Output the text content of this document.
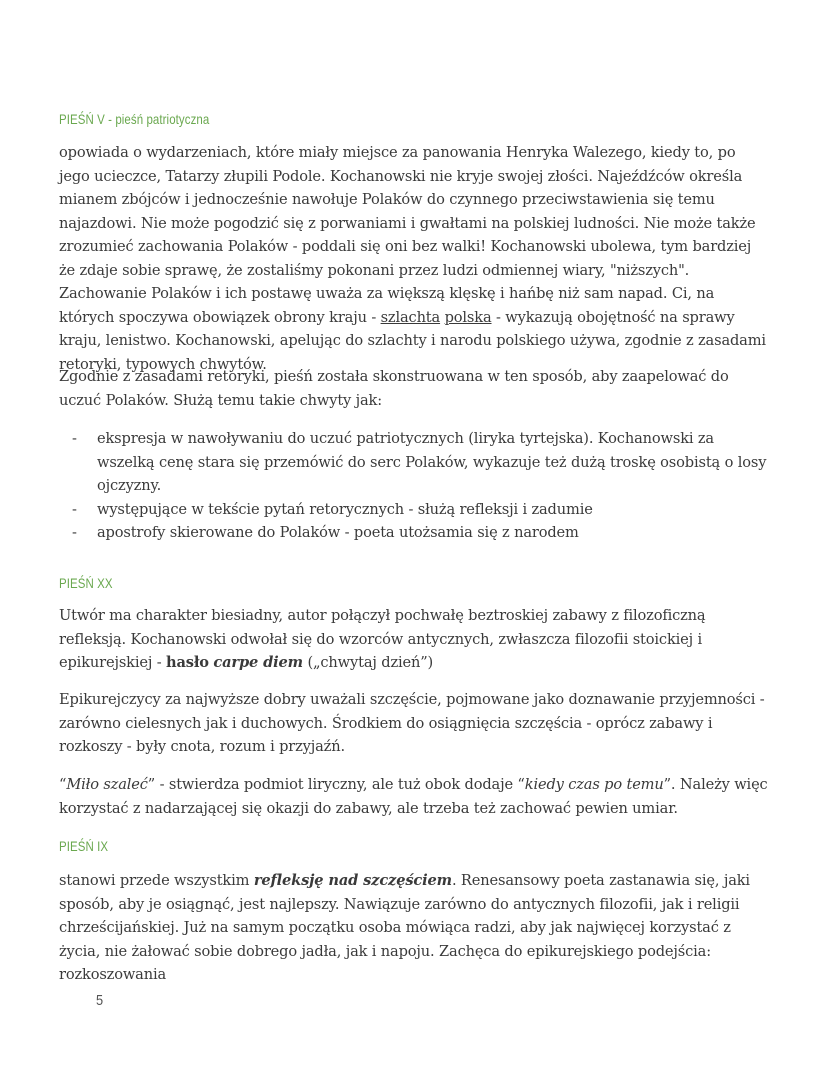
PIEŚŃ V - pieśń patriotyczna

opowiada o wydarzeniach, które miały miejsce za panowania Henryka Walezego, kiedy to, po jego ucieczce, Tatarzy złupili Podole. Kochanowski nie kryje swojej złości. Najeźdźców określa mianem zbójców i jednocześnie nawołuje Polaków do czynnego przeciwstawienia się temu najazdowi. Nie może pogodzić się z porwaniami i gwałtami na polskiej ludności. Nie może także zrozumieć zachowania Polaków - poddali się oni bez walki! Kochanowski ubolewa, tym bardziej że zdaje sobie sprawę, że zostaliśmy pokonani przez ludzi odmiennej wiary, "niższych". Zachowanie Polaków i ich postawę uważa za większą klęskę i hańbę niż sam napad. Ci, na których spoczywa obowiązek obrony kraju - szlachta polska - wykazują obojętność na sprawy kraju, lenistwo. Kochanowski, apelując do szlachty i narodu polskiego używa, zgodnie z zasadami retoryki, typowych chwytów.

Zgodnie z zasadami retoryki, pieśń została skonstruowana w ten sposób, aby zaapelować do uczuć Polaków. Służą temu takie chwyty jak:

- ekspresja w nawoływaniu do uczuć patriotycznych (liryka tyrtejska). Kochanowski za wszelką cenę stara się przemówić do serc Polaków, wykazuje też dużą troskę osobistą o losy ojczyzny.
- występujące w tekście pytań retorycznych - służą refleksji i zadumie
- apostrofy skierowane do Polaków - poeta utożsamia się z narodem
PIEŚŃ XX

Utwór ma charakter biesiadny, autor połączył pochwałę beztroskiej zabawy z filozoficzną refleksją. Kochanowski odwołał się do wzorców antycznych, zwłaszcza filozofii stoickiej i epikurejskiej - hasło carpe diem („chwytaj dzień”)

Epikurejczycy za najwyższe dobry uważali szczęście, pojmowane jako doznawanie przyjemności - zarówno cielesnych jak i duchowych. Środkiem do osiągnięcia szczęścia - oprócz zabawy i rozkoszy - były cnota, rozum i przyjaźń.

“Miło szaleć” - stwierdza podmiot liryczny, ale tuż obok dodaje “kiedy czas po temu”. Należy więc korzystać z nadarzającej się okazji do zabawy, ale trzeba też zachować pewien umiar.

PIEŚŃ IX

stanowi przede wszystkim refleksję nad szczęściem. Renesansowy poeta zastanawia się, jaki sposób, aby je osiągnąć, jest najlepszy. Nawiązuje zarówno do antycznych filozofii, jak i religii chrześcijańskiej. Już na samym początku osoba mówiąca radzi, aby jak najwięcej korzystać z życia, nie żałować sobie dobrego jadła, jak i napoju. Zachęca do epikurejskiego podejścia: rozkoszowania

5
